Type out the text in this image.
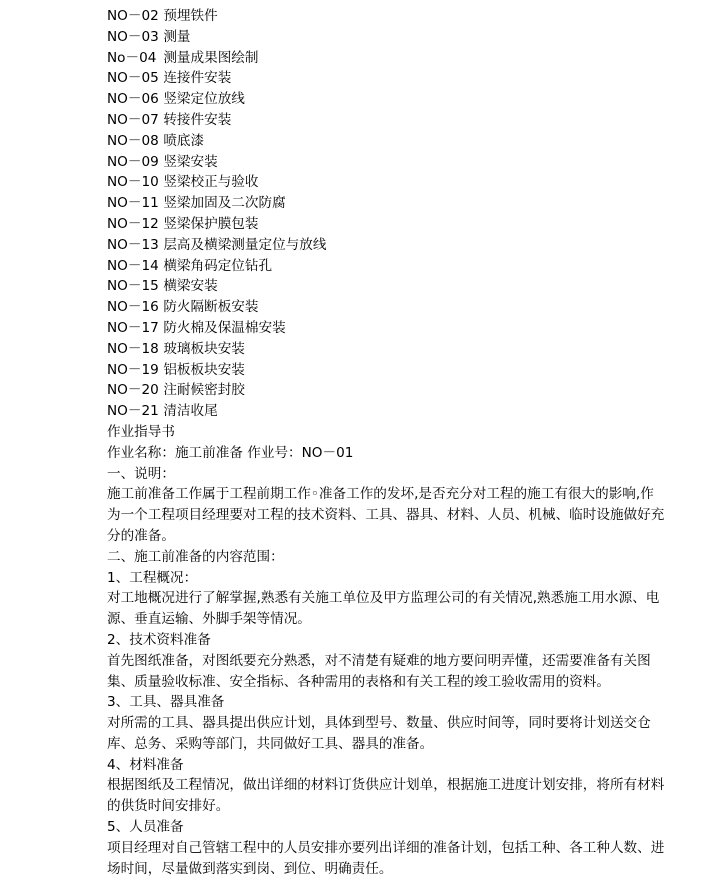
NO－02 预埋铁件
NO－03 测量
No－04 测量成果图绘制
NO－05 连接件安装
NO－06 竖梁定位放线
NO－07 转接件安装
NO－08 喷底漆
NO－09 竖梁安装
NO－10 竖梁校正与验收
NO－11 竖梁加固及二次防腐
NO－12 竖梁保护膜包装
NO－13 层高及横梁测量定位与放线
NO－14 横梁角码定位钻孔
NO－15 横梁安装
NO－16 防火隔断板安装
NO－17 防火棉及保温棉安装
NO－18 玻璃板块安装
NO－19 铝板板块安装
NO－20 注耐候密封胶
NO－21 清洁收尾
作业指导书
作业名称：施工前准备 作业号：NO－01
一、说明：
施工前准备工作属于工程前期工作◦准备工作的发坏,是否充分对工程的施工有很大的影响,作为一个工程项目经理要对工程的技术资料、工具、器具、材料、人员、机械、临时设施做好充分的准备。
二、施工前准备的内容范围：
1、工程概况：
对工地概况进行了解掌握,熟悉有关施工单位及甲方监理公司的有关情况,熟悉施工用水源、电源、垂直运输、外脚手架等情况。
2、技术资料准备
首先图纸准备，对图纸要充分熟悉，对不清楚有疑难的地方要问明弄懂，还需要准备有关图集、质量验收标准、安全指标、各种需用的表格和有关工程的竣工验收需用的资料。
3、工具、器具准备
对所需的工具、器具提出供应计划，具体到型号、数量、供应时间等，同时要将计划送交仓库、总务、采购等部门，共同做好工具、器具的准备。
4、材料准备
根据图纸及工程情况，做出详细的材料订货供应计划单，根据施工进度计划安排，将所有材料的供货时间安排好。
5、人员准备
项目经理对自己管辖工程中的人员安排亦要列出详细的准备计划，包括工种、各工种人数、进场时间，尽量做到落实到岗、到位、明确责任。
